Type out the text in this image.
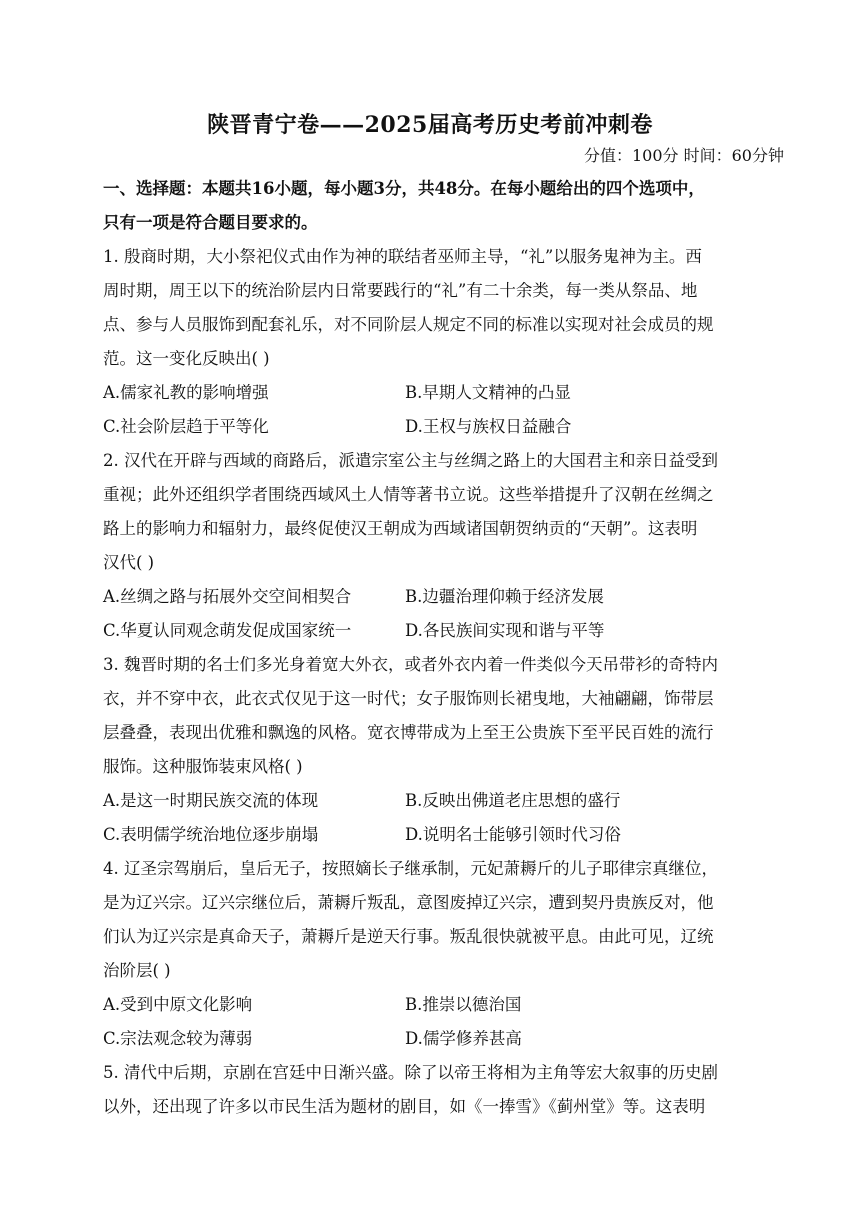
陕晋青宁卷——2025届高考历史考前冲刺卷
分值：100分 时间：60分钟
一、选择题：本题共16小题，每小题3分，共48分。在每小题给出的四个选项中，
只有一项是符合题目要求的。
1. 殷商时期，大小祭祀仪式由作为神的联结者巫师主导，“礼”以服务鬼神为主。西
周时期，周王以下的统治阶层内日常要践行的“礼”有二十余类，每一类从祭品、地
点、参与人员服饰到配套礼乐，对不同阶层人规定不同的标准以实现对社会成员的规
范。这一变化反映出( )
A.儒家礼教的影响增强	B.早期人文精神的凸显
C.社会阶层趋于平等化	D.王权与族权日益融合
2. 汉代在开辟与西域的商路后，派遣宗室公主与丝绸之路上的大国君主和亲日益受到
重视；此外还组织学者围绕西域风土人情等著书立说。这些举措提升了汉朝在丝绸之
路上的影响力和辐射力，最终促使汉王朝成为西域诸国朝贺纳贡的“天朝”。这表明
汉代( )
A.丝绸之路与拓展外交空间相契合	B.边疆治理仰赖于经济发展
C.华夏认同观念萌发促成国家统一	D.各民族间实现和谐与平等
3. 魏晋时期的名士们多光身着宽大外衣，或者外衣内着一件类似今天吊带衫的奇特内
衣，并不穿中衣，此衣式仅见于这一时代；女子服饰则长裙曳地，大袖翩翩，饰带层
层叠叠，表现出优雅和飘逸的风格。宽衣博带成为上至王公贵族下至平民百姓的流行
服饰。这种服饰装束风格( )
A.是这一时期民族交流的体现	B.反映出佛道老庄思想的盛行
C.表明儒学统治地位逐步崩塌	D.说明名士能够引领时代习俗
4. 辽圣宗驾崩后，皇后无子，按照嫡长子继承制，元妃萧耨斤的儿子耶律宗真继位，
是为辽兴宗。辽兴宗继位后，萧耨斤叛乱，意图废掉辽兴宗，遭到契丹贵族反对，他
们认为辽兴宗是真命天子，萧耨斤是逆天行事。叛乱很快就被平息。由此可见，辽统
治阶层( )
A.受到中原文化影响	B.推崇以德治国
C.宗法观念较为薄弱	D.儒学修养甚高
5. 清代中后期，京剧在宫廷中日渐兴盛。除了以帝王将相为主角等宏大叙事的历史剧
以外，还出现了许多以市民生活为题材的剧目，如《一捧雪》《蓟州堂》等。这表明
